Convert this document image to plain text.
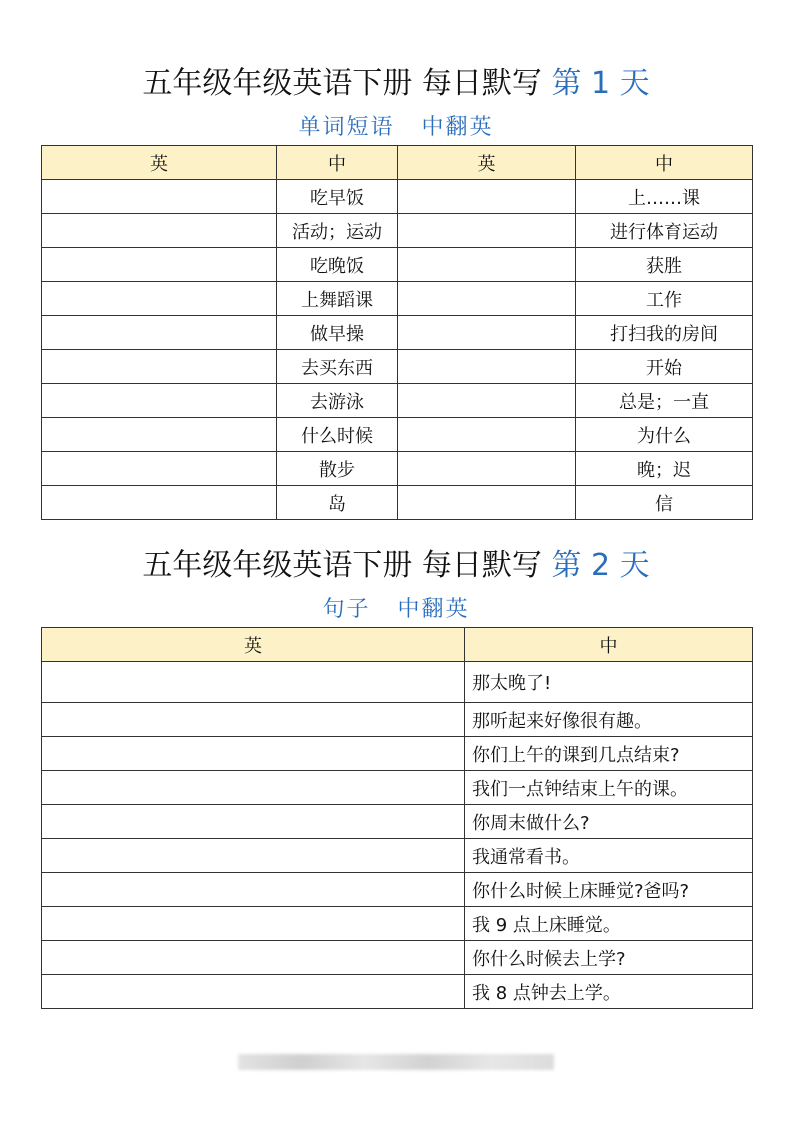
五年级年级英语下册 每日默写 第 1 天
单词短语   中翻英
英	中	英	中
	吃早饭		上……课
	活动；运动		进行体育运动
	吃晚饭		获胜
	上舞蹈课		工作
	做早操		打扫我的房间
	去买东西		开始
	去游泳		总是；一直
	什么时候		为什么
	散步		晚；迟
	岛		信
五年级年级英语下册 每日默写 第 2 天
句子   中翻英
英	中
	那太晚了!
	那听起来好像很有趣。
	你们上午的课到几点结束?
	我们一点钟结束上午的课。
	你周末做什么?
	我通常看书。
	你什么时候上床睡觉?爸吗?
	我 9 点上床睡觉。
	你什么时候去上学?
	我 8 点钟去上学。
